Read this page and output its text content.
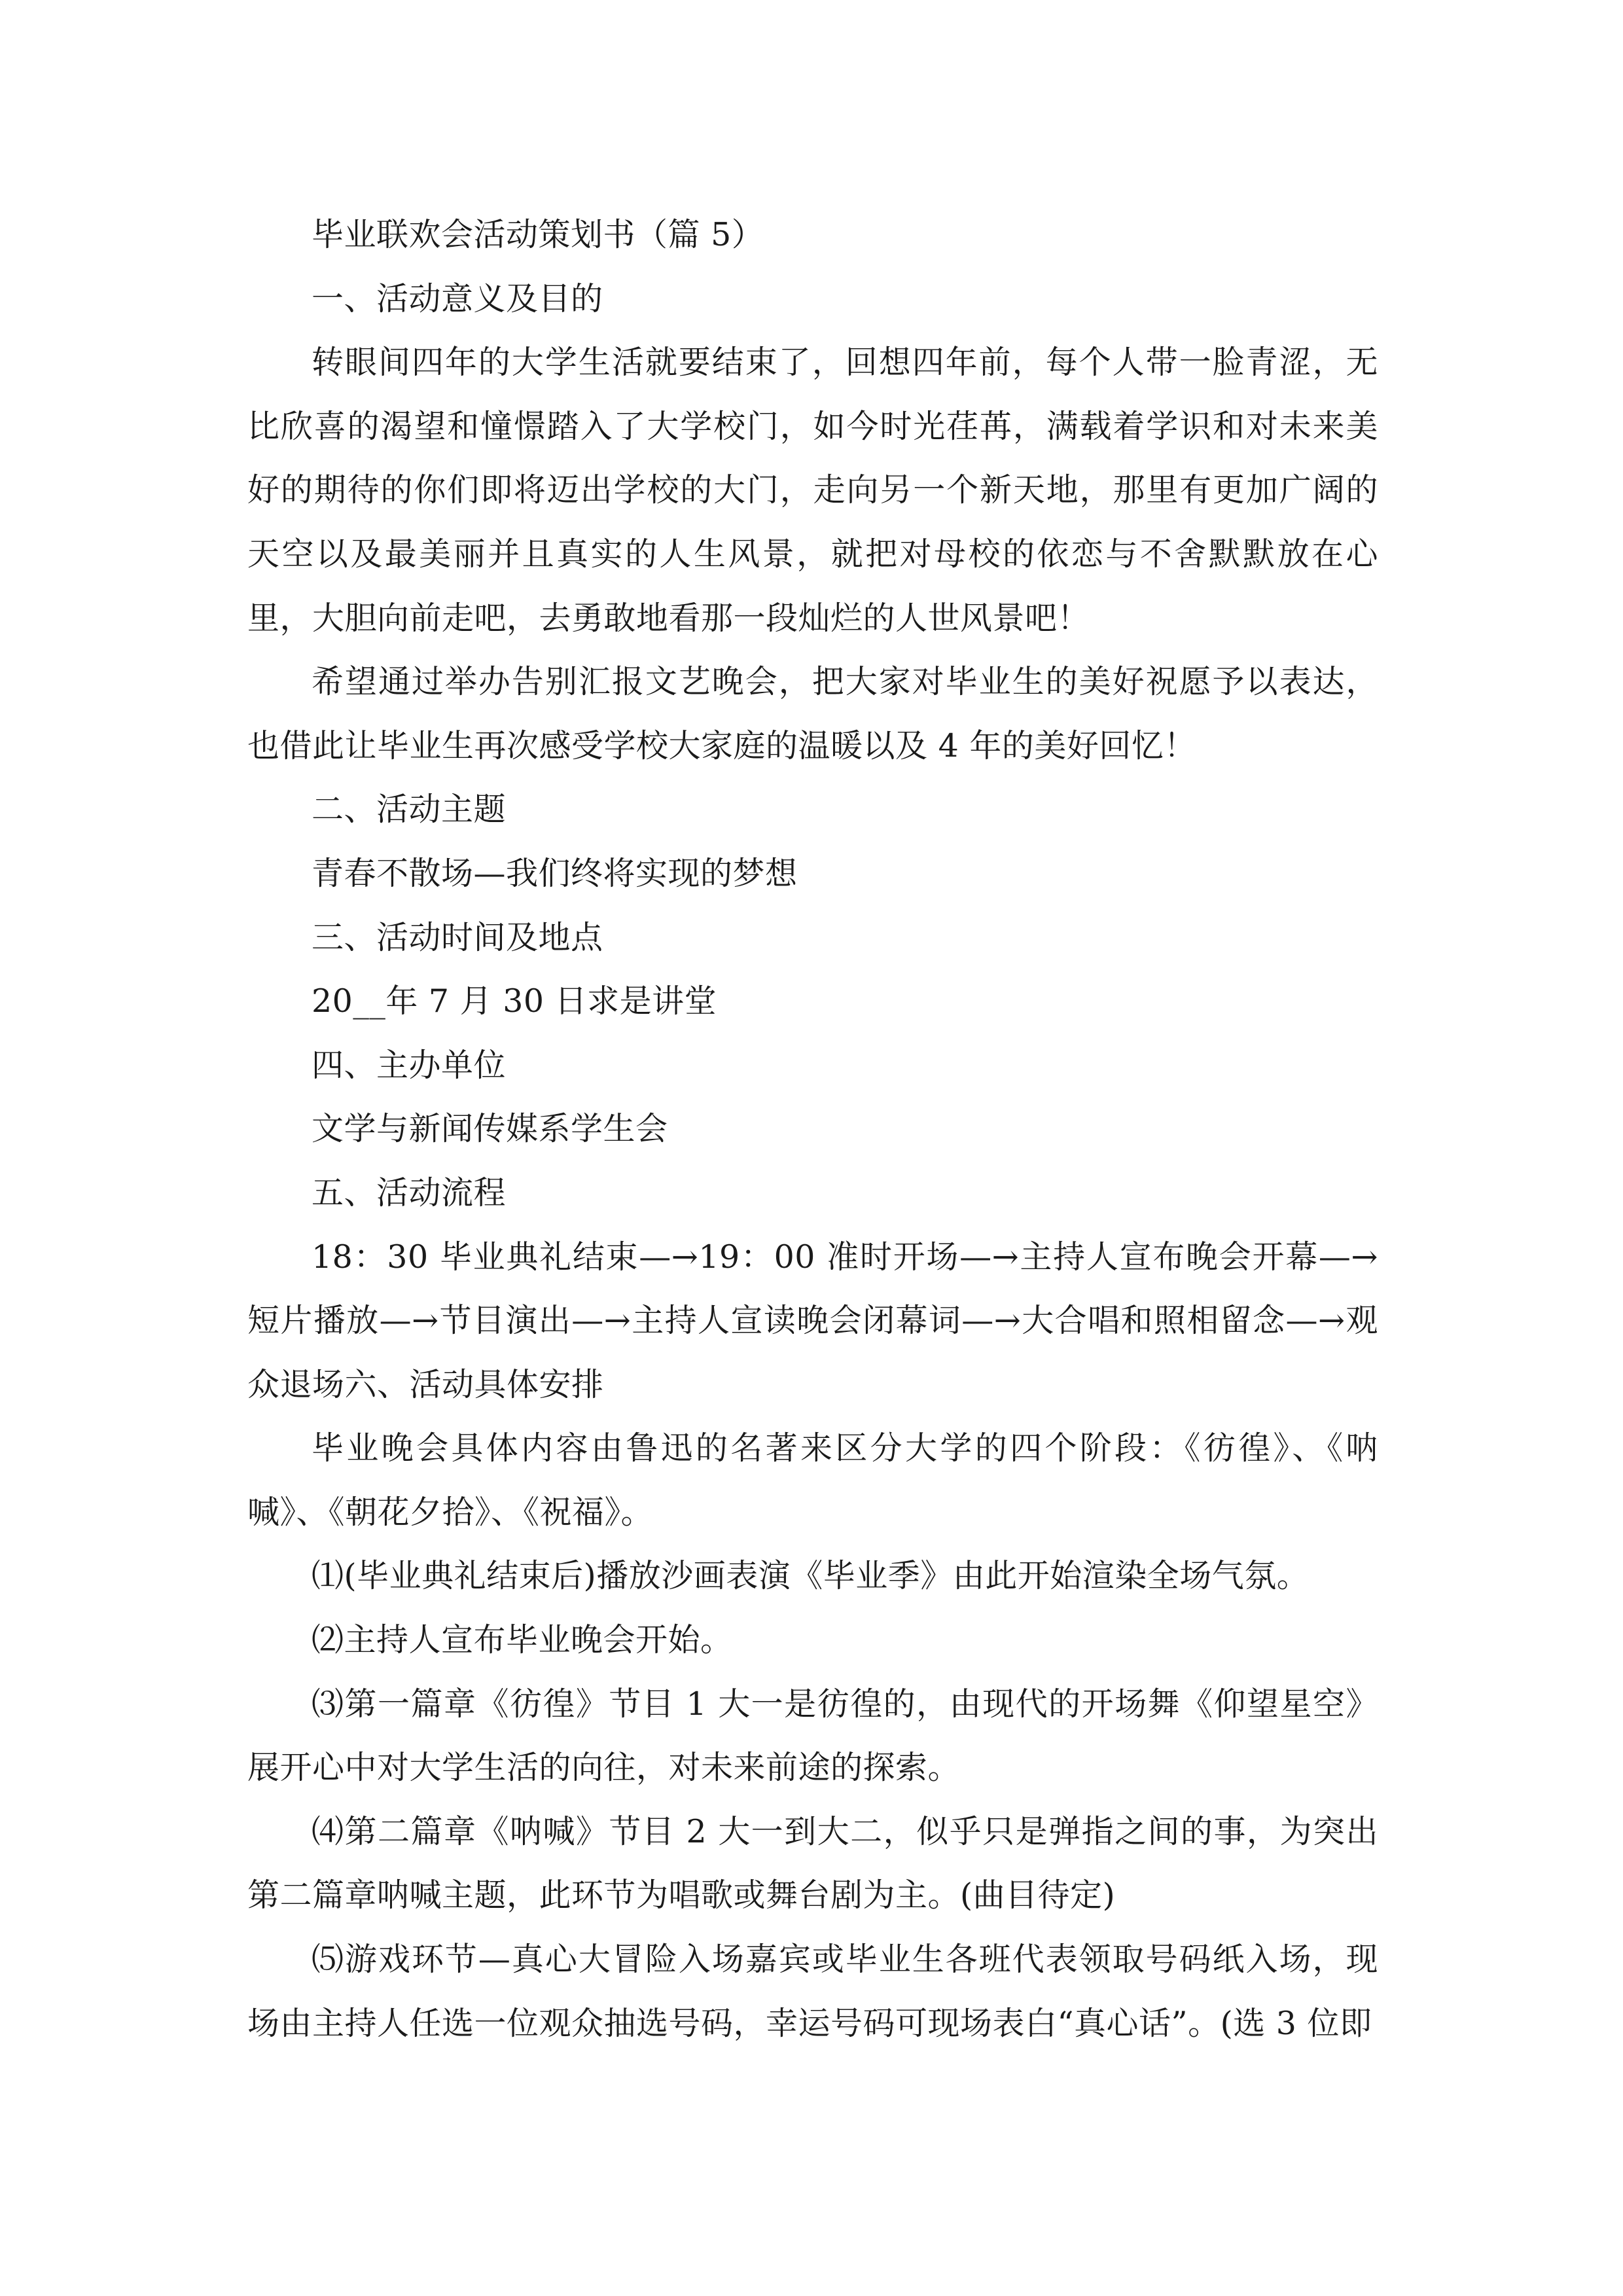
毕业联欢会活动策划书（篇 5）

一、活动意义及目的

转眼间四年的大学生活就要结束了，回想四年前，每个人带一脸青涩，无比欣喜的渴望和憧憬踏入了大学校门，如今时光荏苒，满载着学识和对未来美好的期待的你们即将迈出学校的大门，走向另一个新天地，那里有更加广阔的天空以及最美丽并且真实的人生风景，就把对母校的依恋与不舍默默放在心里，大胆向前走吧，去勇敢地看那一段灿烂的人世风景吧！

希望通过举办告别汇报文艺晚会，把大家对毕业生的美好祝愿予以表达，也借此让毕业生再次感受学校大家庭的温暖以及 4 年的美好回忆！

二、活动主题

青春不散场—我们终将实现的梦想

三、活动时间及地点

20__年 7 月 30 日求是讲堂

四、主办单位

文学与新闻传媒系学生会

五、活动流程

18：30 毕业典礼结束—→19：00 准时开场—→主持人宣布晚会开幕—→短片播放—→节目演出—→主持人宣读晚会闭幕词—→大合唱和照相留念—→观众退场六、活动具体安排

毕业晚会具体内容由鲁迅的名著来区分大学的四个阶段：《彷徨》、《呐喊》、《朝花夕拾》、《祝福》。

⑴(毕业典礼结束后)播放沙画表演《毕业季》由此开始渲染全场气氛。

⑵主持人宣布毕业晚会开始。

⑶第一篇章《彷徨》节目 1 大一是彷徨的，由现代的开场舞《仰望星空》展开心中对大学生活的向往，对未来前途的探索。

⑷第二篇章《呐喊》节目 2 大一到大二，似乎只是弹指之间的事，为突出第二篇章呐喊主题，此环节为唱歌或舞台剧为主。(曲目待定)

⑸游戏环节—真心大冒险入场嘉宾或毕业生各班代表领取号码纸入场，现场由主持人任选一位观众抽选号码，幸运号码可现场表白“真心话”。(选 3 位即
